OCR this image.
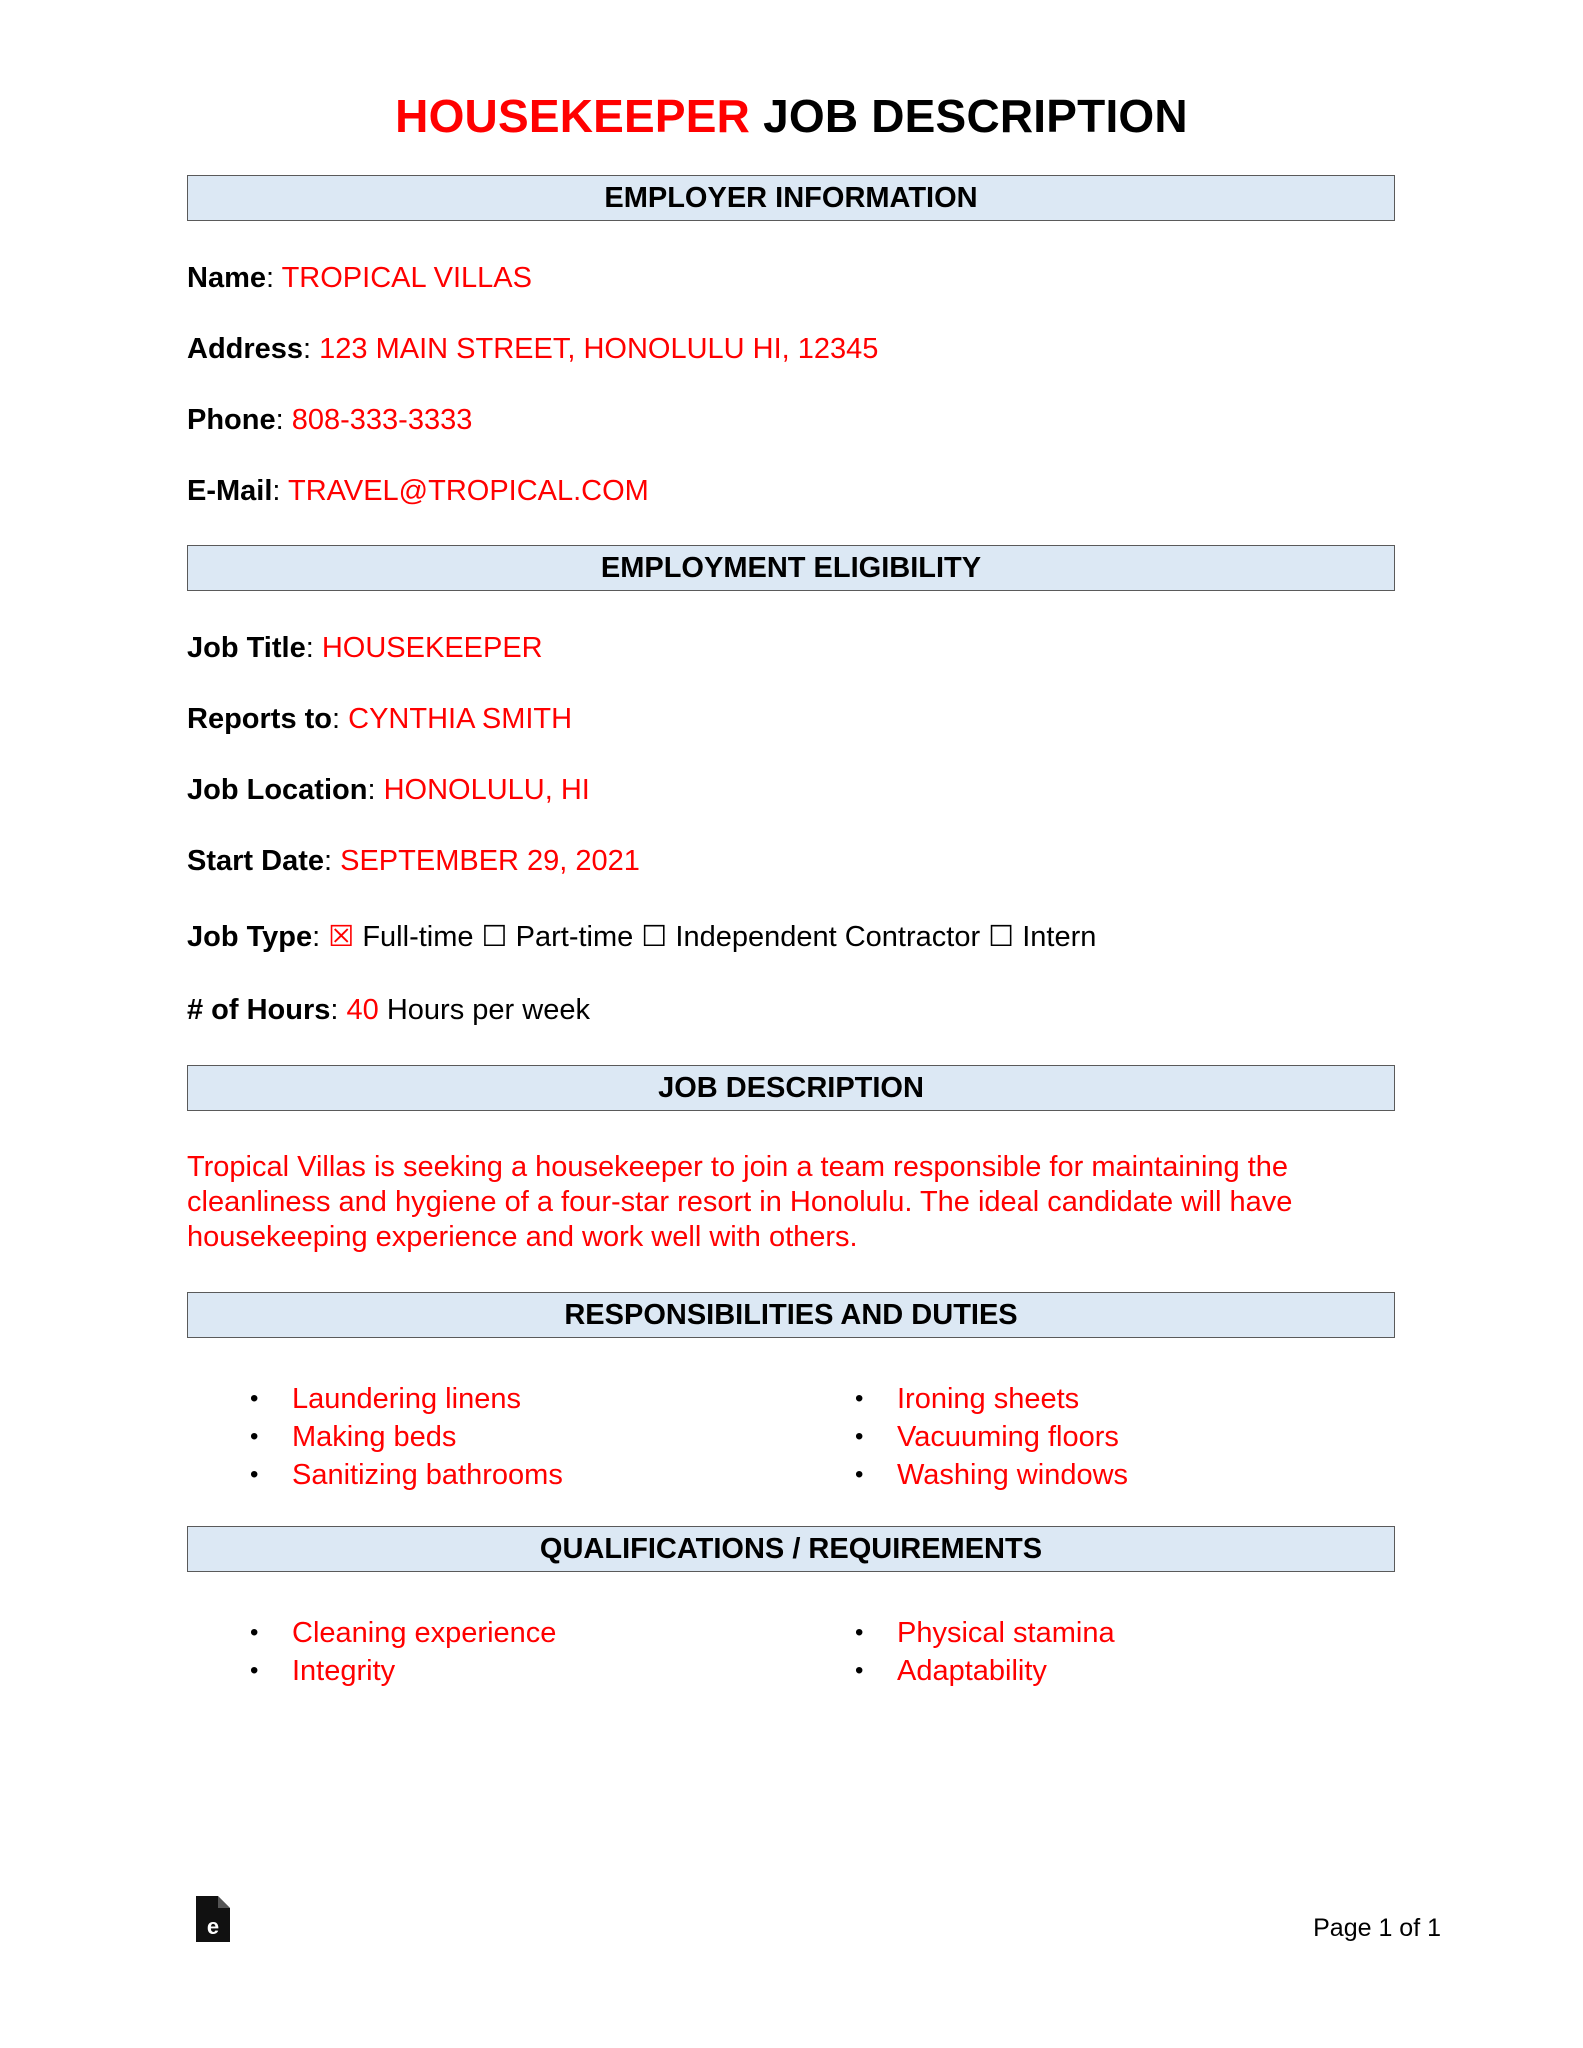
HOUSEKEEPER JOB DESCRIPTION
EMPLOYER INFORMATION
Name: TROPICAL VILLAS
Address: 123 MAIN STREET, HONOLULU HI, 12345
Phone: 808-333-3333
E-Mail: TRAVEL@TROPICAL.COM
EMPLOYMENT ELIGIBILITY
Job Title: HOUSEKEEPER
Reports to: CYNTHIA SMITH
Job Location: HONOLULU, HI
Start Date: SEPTEMBER 29, 2021
Job Type: ☒ Full-time ☐ Part-time ☐ Independent Contractor ☐ Intern
# of Hours: 40 Hours per week
JOB DESCRIPTION
Tropical Villas is seeking a housekeeper to join a team responsible for maintaining the cleanliness and hygiene of a four-star resort in Honolulu. The ideal candidate will have housekeeping experience and work well with others.
RESPONSIBILITIES AND DUTIES
• Laundering linens
• Making beds
• Sanitizing bathrooms
• Ironing sheets
• Vacuuming floors
• Washing windows
QUALIFICATIONS / REQUIREMENTS
• Cleaning experience
• Integrity
• Physical stamina
• Adaptability
e	Page 1 of 1
